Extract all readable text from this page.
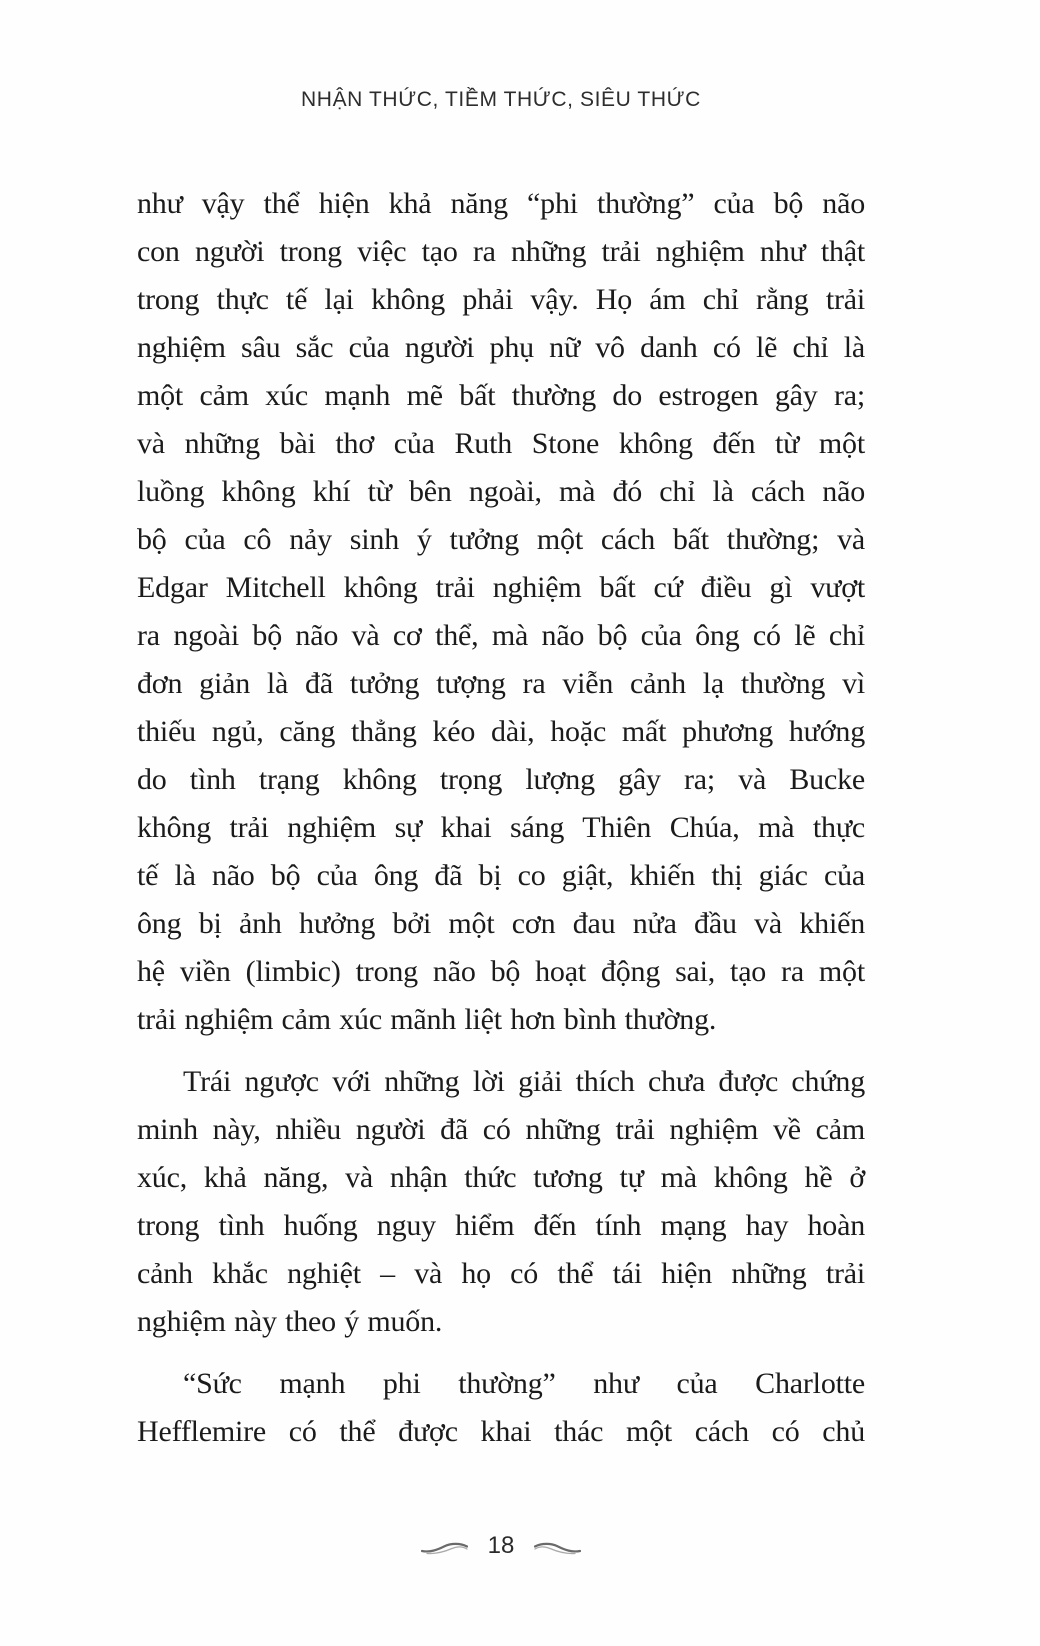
NHẬN THỨC, TIỀM THỨC, SIÊU THỨC
như vậy thể hiện khả năng “phi thường” của bộ não
con người trong việc tạo ra những trải nghiệm như thật
trong thực tế lại không phải vậy. Họ ám chỉ rằng trải
nghiệm sâu sắc của người phụ nữ vô danh có lẽ chỉ là
một cảm xúc mạnh mẽ bất thường do estrogen gây ra;
và những bài thơ của Ruth Stone không đến từ một
luồng không khí từ bên ngoài, mà đó chỉ là cách não
bộ của cô nảy sinh ý tưởng một cách bất thường; và
Edgar Mitchell không trải nghiệm bất cứ điều gì vượt
ra ngoài bộ não và cơ thể, mà não bộ của ông có lẽ chỉ
đơn giản là đã tưởng tượng ra viễn cảnh lạ thường vì
thiếu ngủ, căng thẳng kéo dài, hoặc mất phương hướng
do tình trạng không trọng lượng gây ra; và Bucke
không trải nghiệm sự khai sáng Thiên Chúa, mà thực
tế là não bộ của ông đã bị co giật, khiến thị giác của
ông bị ảnh hưởng bởi một cơn đau nửa đầu và khiến
hệ viền (limbic) trong não bộ hoạt động sai, tạo ra một
trải nghiệm cảm xúc mãnh liệt hơn bình thường.
Trái ngược với những lời giải thích chưa được chứng
minh này, nhiều người đã có những trải nghiệm về cảm
xúc, khả năng, và nhận thức tương tự mà không hề ở
trong tình huống nguy hiểm đến tính mạng hay hoàn
cảnh khắc nghiệt – và họ có thể tái hiện những trải
nghiệm này theo ý muốn.
“Sức mạnh phi thường” như của Charlotte
Hefflemire có thể được khai thác một cách có chủ
18
